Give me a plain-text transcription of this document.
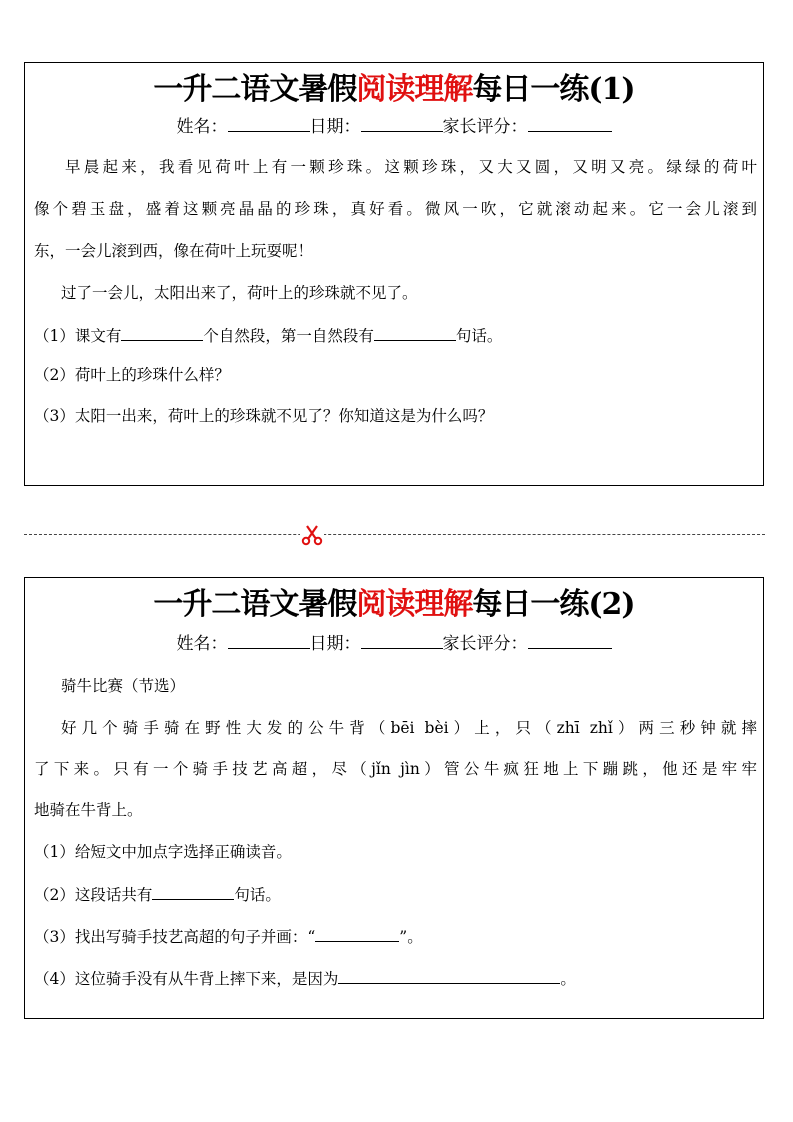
一升二语文暑假阅读理解每日一练(1)
姓名：	日期：	家长评分：
早晨起来，我看见荷叶上有一颗珍珠。这颗珍珠，又大又圆，又明又亮。绿绿的荷叶
像个碧玉盘，盛着这颗亮晶晶的珍珠，真好看。微风一吹，它就滚动起来。它一会儿滚到
东，一会儿滚到西，像在荷叶上玩耍呢！
过了一会儿，太阳出来了，荷叶上的珍珠就不见了。
（1）课文有	个自然段，第一自然段有	句话。
（2）荷叶上的珍珠什么样？
（3）太阳一出来，荷叶上的珍珠就不见了？你知道这是为什么吗？
一升二语文暑假阅读理解每日一练(2)
姓名：	日期：	家长评分：
骑牛比赛（节选）
好几个骑手骑在野性大发的公牛背（bēi bèi）上，只（zhī zhǐ）两三秒钟就摔
了下来。只有一个骑手技艺高超，尽（jǐn jìn）管公牛疯狂地上下蹦跳，他还是牢牢
地骑在牛背上。
（1）给短文中加点字选择正确读音。
（2）这段话共有	句话。
（3）找出写骑手技艺高超的句子并画：“	”。
（4）这位骑手没有从牛背上摔下来，是因为	。
